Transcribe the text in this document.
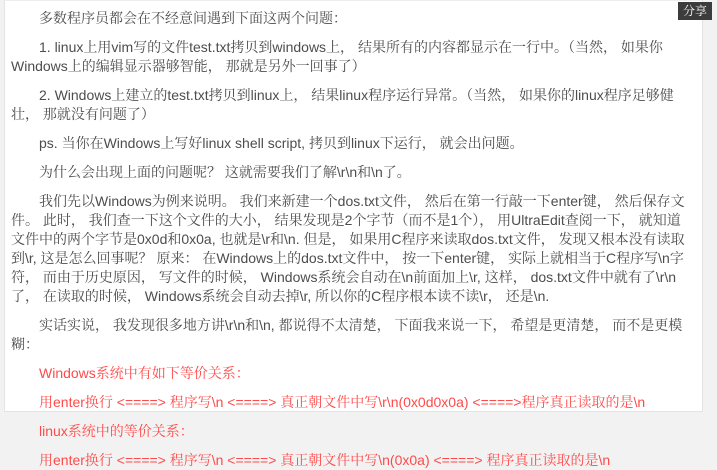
多数程序员都会在不经意间遇到下面这两个问题：

1. linux上用vim写的文件test.txt拷贝到windows上， 结果所有的内容都显示在一行中。（当然， 如果你Windows上的编辑显示器够智能， 那就是另外一回事了）

2. Windows上建立的test.txt拷贝到linux上， 结果linux程序运行异常。（当然， 如果你的linux程序足够健壮， 那就没有问题了）

ps. 当你在Windows上写好linux shell script, 拷贝到linux下运行， 就会出问题。

为什么会出现上面的问题呢？ 这就需要我们了解\r\n和\n了。

我们先以Windows为例来说明。 我们来新建一个dos.txt文件， 然后在第一行敲一下enter键， 然后保存文件。 此时， 我们查一下这个文件的大小， 结果发现是2个字节（而不是1个）， 用UltraEdit查阅一下， 就知道文件中的两个字节是0x0d和0x0a, 也就是\r和\n. 但是， 如果用C程序来读取dos.txt文件， 发现又根本没有读取到\r, 这是怎么回事呢？ 原来： 在Windows上的dos.txt文件中， 按一下enter键， 实际上就相当于C程序写\n字符， 而由于历史原因， 写文件的时候， Windows系统会自动在\n前面加上\r, 这样， dos.txt文件中就有了\r\n了， 在读取的时候， Windows系统会自动去掉\r, 所以你的C程序根本读不读\r， 还是\n.

实话实说， 我发现很多地方讲\r\n和\n, 都说得不太清楚， 下面我来说一下， 希望是更清楚， 而不是更模糊：

Windows系统中有如下等价关系：

用enter换行 <====> 程序写\n <====> 真正朝文件中写\r\n(0x0d0x0a) <====>程序真正读取的是\n

linux系统中的等价关系：

用enter换行 <====> 程序写\n <====> 真正朝文件中写\n(0x0a) <====> 程序真正读取的是\n

分享
